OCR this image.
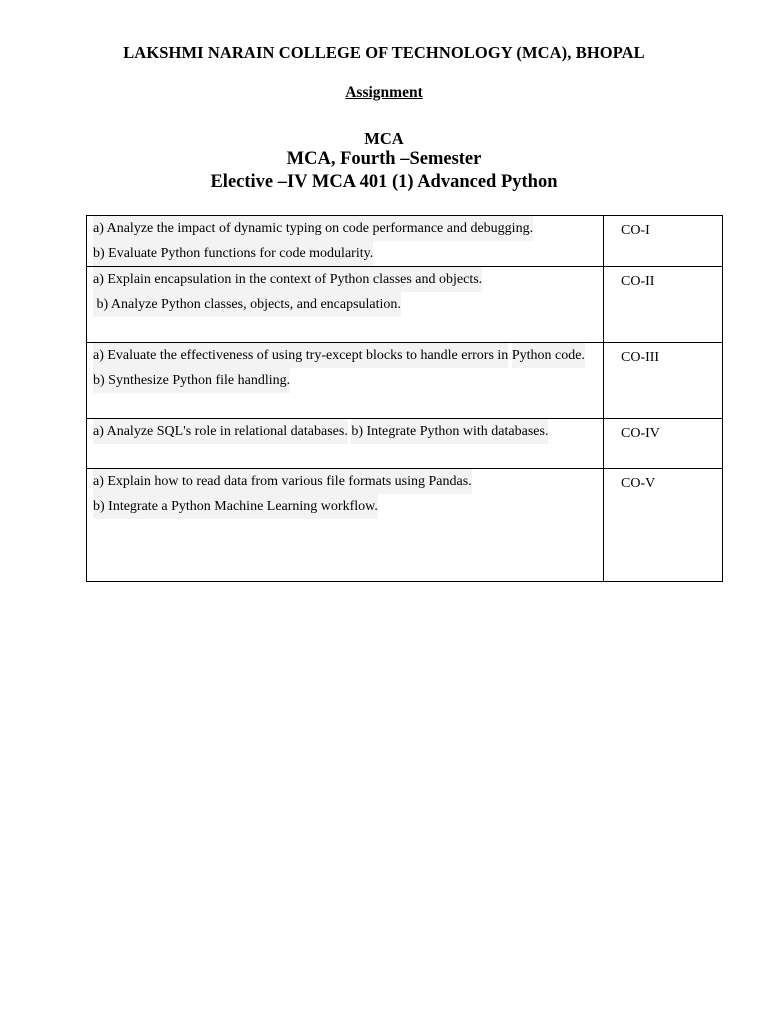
LAKSHMI NARAIN COLLEGE OF TECHNOLOGY (MCA), BHOPAL
Assignment
MCA
MCA, Fourth –Semester
Elective –IV MCA 401 (1) Advanced Python
a) Analyze the impact of dynamic typing on code performance and debugging. b) Evaluate Python functions for code modularity.	CO-I

a) Explain encapsulation in the context of Python classes and objects.  b) Analyze Python classes, objects, and encapsulation.	CO-II

a) Evaluate the effectiveness of using try-except blocks to handle errors in Python code. b) Synthesize Python file handling.	CO-III

a) Analyze SQL's role in relational databases. b) Integrate Python with databases.	CO-IV

a) Explain how to read data from various file formats using Pandas. b) Integrate a Python Machine Learning workflow.	CO-V
